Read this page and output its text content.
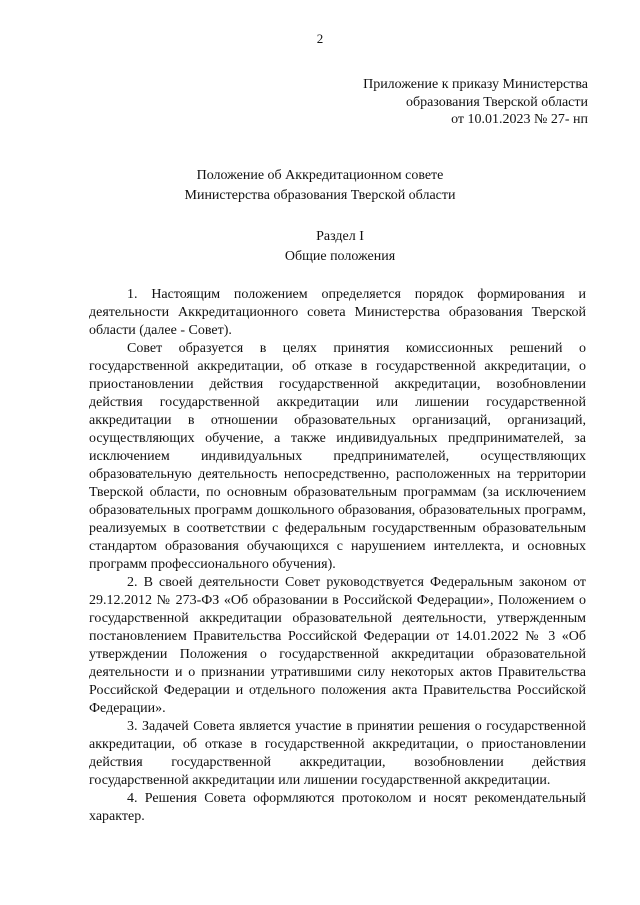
2
Приложение к приказу Министерства
образования Тверской области
от 10.01.2023 № 27- нп
Положение об Аккредитационном совете
Министерства образования Тверской области
Раздел I
Общие положения

1. Настоящим положением определяется порядок формирования и деятельности Аккредитационного совета Министерства образования Тверской области (далее - Совет).

Совет образуется в целях принятия комиссионных решений о государственной аккредитации, об отказе в государственной аккредитации, о приостановлении действия государственной аккредитации, возобновлении действия государственной аккредитации или лишении государственной аккредитации в отношении образовательных организаций, организаций, осуществляющих обучение, а также индивидуальных предпринимателей, за исключением индивидуальных предпринимателей, осуществляющих образовательную деятельность непосредственно, расположенных на территории Тверской области, по основным образовательным программам (за исключением образовательных программ дошкольного образования, образовательных программ, реализуемых в соответствии с федеральным государственным образовательным стандартом образования обучающихся с нарушением интеллекта, и основных программ профессионального обучения).

2. В своей деятельности Совет руководствуется Федеральным законом от 29.12.2012 № 273-ФЗ «Об образовании в Российской Федерации», Положением о государственной аккредитации образовательной деятельности, утвержденным постановлением Правительства Российской Федерации от 14.01.2022 № 3 «Об утверждении Положения о государственной аккредитации образовательной деятельности и о признании утратившими силу некоторых актов Правительства Российской Федерации и отдельного положения акта Правительства Российской Федерации».

3. Задачей Совета является участие в принятии решения о государственной аккредитации, об отказе в государственной аккредитации, о приостановлении действия государственной аккредитации, возобновлении действия государственной аккредитации или лишении государственной аккредитации.

4. Решения Совета оформляются протоколом и носят рекомендательный характер.
